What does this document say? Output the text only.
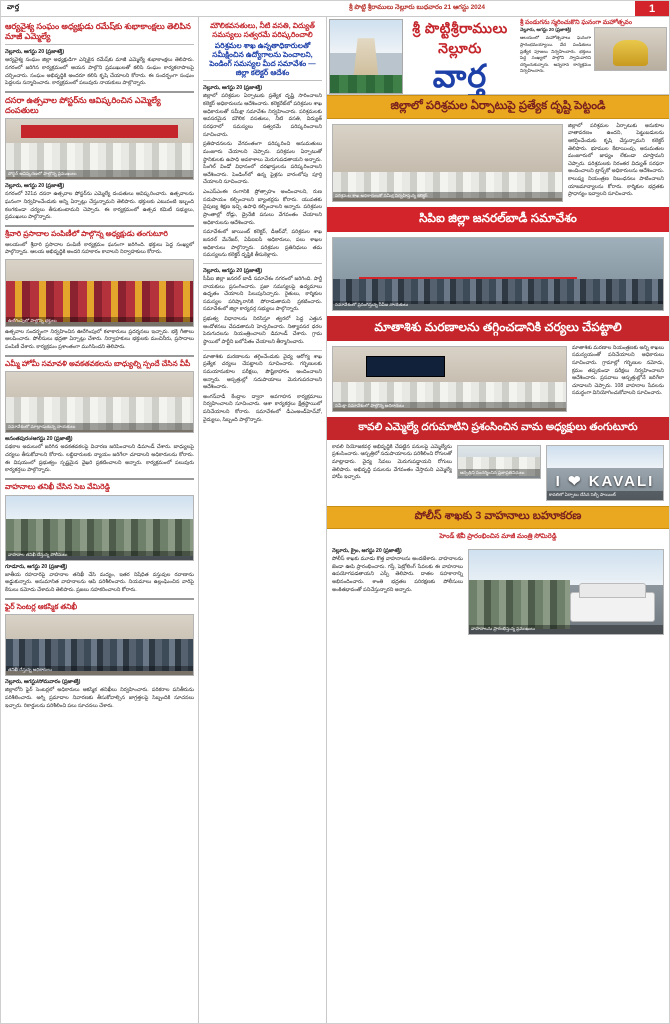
వార్త	శ్రీ పొట్టి శ్రీరాములు నెల్లూరు బుధవారం 21 ఆగస్టు 2024	1
ఆర్యవైశ్య సంఘం అధ్యక్షుడు రమేష్‌కు శుభాకాంక్షలు తెలిపిన మాజీ ఎమ్మెల్యే
నెల్లూరు, ఆగస్టు 20 (ప్రజాశక్తి)
ఆర్యవైశ్య సంఘం జిల్లా అధ్యక్షుడిగా ఎన్నికైన రమేష్‌కు మాజీ ఎమ్మెల్యే శుభాకాంక్షలు తెలిపారు. నగరంలో జరిగిన కార్యక్రమంలో ఆయన పాల్గొని ప్రముఖులతో కలిసి సంఘం కార్యకలాపాలపై చర్చించారు. సంఘం అభివృద్ధికి అందరూ కలిసి కృషి చేయాలని కోరారు. ఈ సందర్భంగా సంఘం పెద్దలను సన్మానించారు. కార్యక్రమంలో పలువురు నాయకులు పాల్గొన్నారు.
దసరా ఉత్సవాల పోస్టర్‌ను ఆవిష్కరించిన ఎమ్మెల్యే దంపతులు
పోస్టర్ ఆవిష్కరణలో పాల్గొన్న ప్రముఖులు
నెల్లూరు, ఆగస్టు 20 (ప్రజాశక్తి)
నగరంలో 321వ దసరా ఉత్సవాల పోస్టర్‌ను ఎమ్మెల్యే దంపతులు ఆవిష్కరించారు. ఉత్సవాలను ఘనంగా నిర్వహించేందుకు అన్ని ఏర్పాట్లు చేస్తున్నామని తెలిపారు. భక్తులకు ఎటువంటి ఇబ్బంది కలగకుండా చర్యలు తీసుకుంటామని చెప్పారు. ఈ కార్యక్రమంలో ఉత్సవ కమిటీ సభ్యులు, ప్రముఖులు పాల్గొన్నారు.
శ్రీవారి ప్రసాదాల పంపిణీలో పాల్గొన్న అధ్యక్షుడు తంగుటూరి
ఆలయంలో శ్రీవారి ప్రసాదాల పంపిణీ కార్యక్రమం ఘనంగా జరిగింది. భక్తులు పెద్ద సంఖ్యలో పాల్గొన్నారు. ఆలయ అభివృద్ధికి అందరి సహకారం కావాలని నిర్వాహకులు కోరారు.
ఊరేగింపులో పాల్గొన్న భక్తులు
ఉత్సవాల సందర్భంగా నిర్వహించిన ఊరేగింపులో కళాకారులు ప్రదర్శనలు ఇచ్చారు. భక్తి గీతాలు ఆలపించారు. పోలీసులు భద్రతా ఏర్పాట్లు చేశారు. నిర్వాహకులు భక్తులకు మంచినీరు, ప్రసాదాలు పంపిణీ చేశారు. కార్యక్రమం ప్రశాంతంగా ముగిసిందని తెలిపారు.
ఎమ్మీ హోమీ సమావళి అవకతవకలను బాధ్యుల్ని స్పందే చేసిన వీపీ
సమావేశంలో మాట్లాడుతున్న నాయకులు
అనంతపురం/ఆగస్టు 20 (ప్రజాశక్తి)
పథకాల అమలులో జరిగిన అవకతవకలపై విచారణ జరిపించాలని డిమాండ్ చేశారు. బాధ్యులపై చర్యలు తీసుకోవాలని కోరారు. లబ్ధిదారులకు న్యాయం జరిగేలా చూడాలని అధికారులను కోరారు. ఈ విషయంలో ప్రభుత్వం స్పష్టమైన వైఖరి ప్రకటించాలని అన్నారు. కార్యక్రమంలో పలువురు కార్యకర్తలు పాల్గొన్నారు.
వాహనాలు తనిఖీ చేసిన సెబ వేమిరెడ్డి
వాహనాల తనిఖీ చేస్తున్న పోలీసులు
గూడూరు, ఆగస్టు 20 (ప్రజాశక్తి)
జాతీయ రహదారిపై వాహనాల తనిఖీ చేసి మద్యం, ఇతర నిషేధిత వస్తువుల రవాణాను అడ్డుకున్నారు. అనుమానిత వాహనాలను ఆపి పరిశీలించారు. నియమాలు ఉల్లంఘించిన వారిపై కేసులు నమోదు చేశామని తెలిపారు. ప్రజలు సహకరించాలని కోరారు.
ఫైర్ సెంటర్ల ఆకస్మిక తనిఖీ
తనిఖీ చేస్తున్న అధికారులు
నెల్లూరు, ఆగస్టు/సోమవారం (ప్రజాశక్తి)
జిల్లాలోని ఫైర్ సెంటర్లలో అధికారులు ఆకస్మిక తనిఖీలు నిర్వహించారు. పరికరాల పనితీరును పరిశీలించారు. అగ్ని ప్రమాదాల నివారణకు తీసుకోవాల్సిన జాగ్రత్తలపై సిబ్బందికి సూచనలు ఇచ్చారు. రికార్డులను పరిశీలించి పలు సూచనలు చేశారు.
మౌలికవసతులు, నీటి వసతి, విద్యుత్ సమస్యలు సత్వరమే పరిష్కరించాలి
పరిశ్రమల శాఖ ఉన్నతాధికారులతో సమీక్షించిన ఉద్యోగాలను పెంచాలని, పెండింగ్ సమస్యల మీద సమావేశం — జిల్లా కలెక్టర్ ఆదేశం
నెల్లూరు, ఆగస్టు 20 (ప్రజాశక్తి)
జిల్లాలో పరిశ్రమల ఏర్పాటుకు ప్రత్యేక దృష్టి సారించాలని కలెక్టర్ అధికారులను ఆదేశించారు. కలెక్టరేట్‌లో పరిశ్రమల శాఖ అధికారులతో సమీక్షా సమావేశం నిర్వహించారు. పరిశ్రమలకు అవసరమైన మౌలిక వసతులు, నీటి వసతి, విద్యుత్ సరఫరాలో సమస్యలు సత్వరమే పరిష్కరించాలని సూచించారు.
ప్రతిపాదనలను వేగవంతంగా పరిష్కరించి అనుమతులు మంజూరు చేయాలని చెప్పారు. పరిశ్రమల ఏర్పాటుతో స్థానికులకు ఉపాధి అవకాశాలు మెరుగుపడతాయని అన్నారు. సింగిల్ విండో విధానంలో దరఖాస్తులను పరిష్కరించాలని ఆదేశించారు. పెండింగ్‌లో ఉన్న ఫైళ్లను వారంలోపు పూర్తి చేయాలని సూచించారు.
ఎంఎస్ఎంఈ రంగానికి ప్రోత్సాహం అందించాలని, రుణ సదుపాయం కల్పించాలని బ్యాంకర్లను కోరారు. యువతకు నైపుణ్య శిక్షణ ఇచ్చి ఉపాధి కల్పించాలని అన్నారు. పరిశ్రమల ప్రాంతాల్లో రోడ్లు, డ్రైనేజీ పనులు వేగవంతం చేయాలని అధికారులను ఆదేశించారు.
సమావేశంలో జాయింట్ కలెక్టర్, డీఆర్‌వో, పరిశ్రమల శాఖ జనరల్ మేనేజర్, ఏపీఐఐసీ అధికారులు, పలు శాఖల అధికారులు పాల్గొన్నారు. పరిశ్రమల ప్రతినిధులు తమ సమస్యలను కలెక్టర్ దృష్టికి తీసుకెళ్లారు.
నెల్లూరు, ఆగస్టు 20 (ప్రజాశక్తి)
సీపీఐ జిల్లా జనరల్ బాడీ సమావేశం నగరంలో జరిగింది. పార్టీ నాయకులు ప్రసంగించారు. ప్రజా సమస్యలపై ఉద్యమాలు ఉధృతం చేయాలని పిలుపునిచ్చారు. రైతులు, కార్మికుల సమస్యల పరిష్కారానికి పోరాడుతామని ప్రకటించారు. సమావేశంలో జిల్లా కార్యవర్గ సభ్యులు పాల్గొన్నారు.
ప్రభుత్వ విధానాలను నిరసిస్తూ త్వరలో పెద్ద ఎత్తున ఆందోళనలు చేపడతామని హెచ్చరించారు. నిత్యావసర ధరల పెరుగుదలను నియంత్రించాలని డిమాండ్ చేశారు. గ్రామ స్థాయిలో పార్టీని బలోపేతం చేయాలని తీర్మానించారు.
మాతాశిశు మరణాలను తగ్గించేందుకు వైద్య ఆరోగ్య శాఖ ప్రత్యేక చర్యలు చేపట్టాలని సూచించారు. గర్భిణులకు సమయానుకూల పరీక్షలు, పౌష్టికాహారం అందించాలని అన్నారు. ఆస్పత్రుల్లో సదుపాయాలు మెరుగుపరచాలని ఆదేశించారు.
అంగన్‌వాడీ కేంద్రాల ద్వారా అవగాహన కార్యక్రమాలు నిర్వహించాలని సూచించారు. ఆశా కార్యకర్తలు క్షేత్రస్థాయిలో పనిచేయాలని కోరారు. సమావేశంలో డీఎంఅండ్‌హెచ్‌వో, వైద్యులు, సిబ్బంది పాల్గొన్నారు.
శ్రీ పొట్టిశ్రీరాములు నెల్లూరు
వార్త
శ్రీ పండుగను స్మరించుకొని ఘనంగా మహోత్సవం
నెల్లూరు, ఆగస్టు 20 (ప్రజాశక్తి)
ఆలయంలో మహోత్సవాలు ఘనంగా ప్రారంభమయ్యాయి. వేద పండితులు ప్రత్యేక పూజలు నిర్వహించారు. భక్తులు పెద్ద సంఖ్యలో పాల్గొని స్వామివారిని దర్శించుకున్నారు. అన్నదాన కార్యక్రమం నిర్వహించారు.
జిల్లాలో పరిశ్రమల ఏర్పాటుపై ప్రత్యేక దృష్టి పెట్టండి
పరిశ్రమల శాఖ అధికారులతో సమీక్ష నిర్వహిస్తున్న కలెక్టర్
జిల్లాలో పరిశ్రమల ఏర్పాటుకు అనుకూల వాతావరణం ఉందని, పెట్టుబడులను ఆకర్షించేందుకు కృషి చేస్తున్నామని కలెక్టర్ తెలిపారు. భూముల కేటాయింపు, అనుమతుల మంజూరులో జాప్యం లేకుండా చూస్తామని చెప్పారు. పరిశ్రమలకు నిరంతర విద్యుత్ సరఫరా అందించాలని ట్రాన్స్‌కో అధికారులను ఆదేశించారు. కాలుష్య నియంత్రణ నిబంధనలు పాటించాలని యాజమాన్యాలను కోరారు. కార్మికుల భద్రతకు ప్రాధాన్యం ఇవ్వాలని సూచించారు.
సిపిఐ జిల్లా జనరల్‌బాడీ సమావేశం
సమావేశంలో ప్రసంగిస్తున్న సీపీఐ నాయకులు
మాతాశిశు మరణాలను తగ్గించడానికి చర్యలు చేపట్టాలి
సమీక్షా సమావేశంలో పాల్గొన్న అధికారులు
మాతాశిశు మరణాల నియంత్రణకు అన్ని శాఖలు సమన్వయంతో పనిచేయాలని అధికారులు సూచించారు. గ్రామాల్లో గర్భిణుల నమోదు, క్రమం తప్పకుండా పరీక్షలు నిర్వహించాలని ఆదేశించారు. ప్రసవాలు ఆస్పత్రుల్లోనే జరిగేలా చూడాలని చెప్పారు. 108 వాహనాల సేవలను సమర్థంగా వినియోగించుకోవాలని సూచించారు.
కావలి ఎమ్మెల్యే దగుమాటిని ప్రశంసించిన వామ అధ్యక్షులు తంగుటూరు
కావలి నియోజకవర్గ అభివృద్ధికి చేపట్టిన పనులపై ఎమ్మెల్యేను ప్రశంసించారు. ఆస్పత్రిలో సదుపాయాలను పరిశీలించి రోగులతో మాట్లాడారు. వైద్య సేవలు మెరుగుపడ్డాయని రోగులు తెలిపారు. అభివృద్ధి పనులను వేగవంతం చేస్తామని ఎమ్మెల్యే హామీ ఇచ్చారు.
ఆస్పత్రిని సందర్శించిన ప్రజాప్రతినిధులు
I ❤ KAVALI
కావలిలో ఏర్పాటు చేసిన సెల్ఫీ పాయింట్
పోలీస్ శాఖకు 3 వాహనాలు బహూకరణ
హెండ్ ఇోవి ప్రారంభించిన మాజీ మంత్రి సోమిరెడ్డి
నెల్లూరు, క్రైం, ఆగస్టు 20 (ప్రజాశక్తి)
పోలీస్ శాఖకు మూడు కొత్త వాహనాలను అందజేశారు. వాహనాలను జెండా ఊపి ప్రారంభించారు. గస్తీ, పెట్రోలింగ్ సేవలకు ఈ వాహనాలు ఉపయోగపడతాయని ఎస్పీ తెలిపారు. దాతల సహకారాన్ని అభినందించారు. శాంతి భద్రతల పరిరక్షణకు పోలీసులు అంకితభావంతో పనిచేస్తున్నారని అన్నారు.
వాహనాలను ప్రారంభిస్తున్న ప్రముఖులు
